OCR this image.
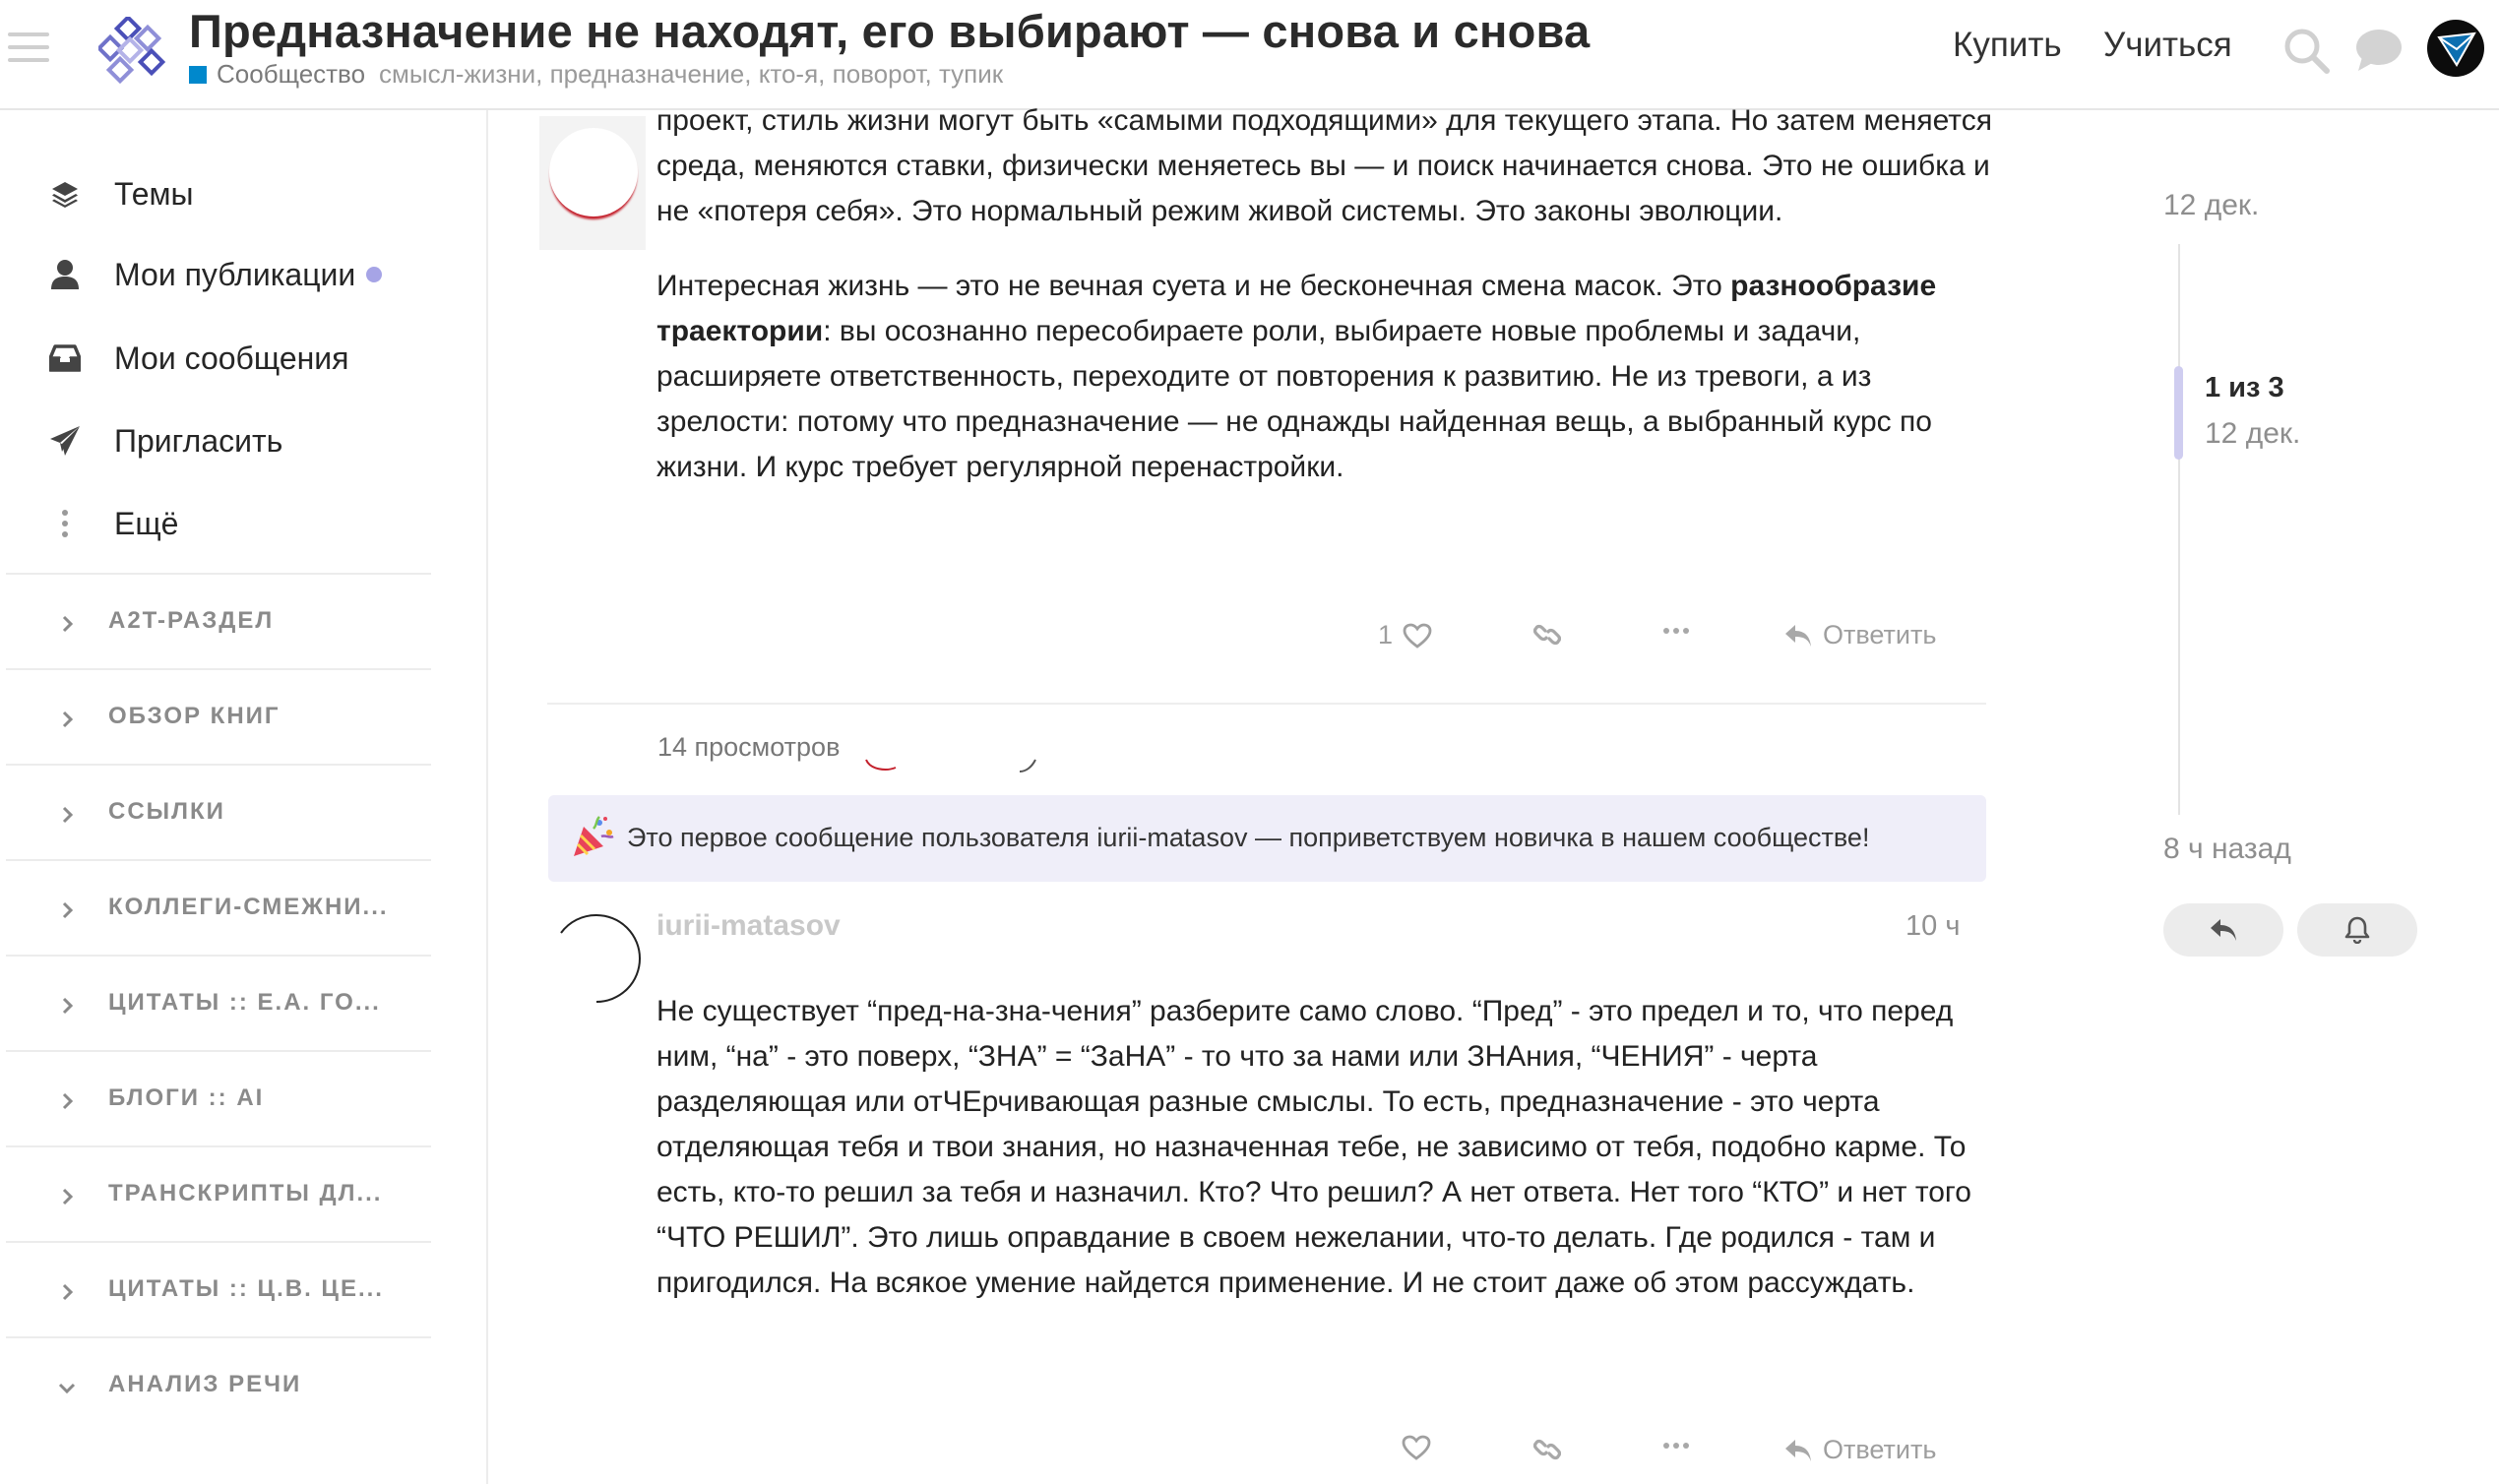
Предназначение не находят, его выбирают — снова и снова
Сообщество смысл-жизни, предназначение, кто-я, поворот, тупик
Купить Учиться
Темы
Мои публикации
Мои сообщения
Пригласить
Ещё
A2T-РАЗДЕЛ
ОБЗОР КНИГ
ССЫЛКИ
КОЛЛЕГИ-СМЕЖНИ...
ЦИТАТЫ :: Е.А. ГО...
БЛОГИ :: AI
ТРАНСКРИПТЫ ДЛ...
ЦИТАТЫ :: Ц.В. ЦЕ...
АНАЛИЗ РЕЧИ

проект, стиль жизни могут быть «самыми подходящими» для текущего этапа. Но затем меняется среда, меняются ставки, физически меняетесь вы — и поиск начинается снова. Это не ошибка и не «потеря себя». Это нормальный режим живой системы. Это законы эволюции.

Интересная жизнь — это не вечная суета и не бесконечная смена масок. Это разнообразие траектории: вы осознанно пересобираете роли, выбираете новые проблемы и задачи, расширяете ответственность, переходите от повторения к развитию. Не из тревоги, а из зрелости: потому что предназначение — не однажды найденная вещь, а выбранный курс по жизни. И курс требует регулярной перенастройки.

1	Ответить
14 просмотров
Это первое сообщение пользователя iurii-matasov — поприветствуем новичка в нашем сообществе!
iurii-matasov	10 ч

Не существует “пред-на-зна-чения” разберите само слово. “Пред” - это предел и то, что перед ним, “на” - это поверх, “ЗНА” = “ЗаНА” - то что за нами или ЗНАния, “ЧЕНИЯ” - черта разделяющая или отЧЕрчивающая разные смыслы. То есть, предназначение - это черта отделяющая тебя и твои знания, но назначенная тебе, не зависимо от тебя, подобно карме. То есть, кто-то решил за тебя и назначил. Кто? Что решил? А нет ответа. Нет того “КТО” и нет того “ЧТО РЕШИЛ”. Это лишь оправдание в своем нежелании, что-то делать. Где родился - там и пригодился. На всякое умение найдется применение. И не стоит даже об этом рассуждать.

Ответить
12 дек.
1 из 3
12 дек.
8 ч назад
